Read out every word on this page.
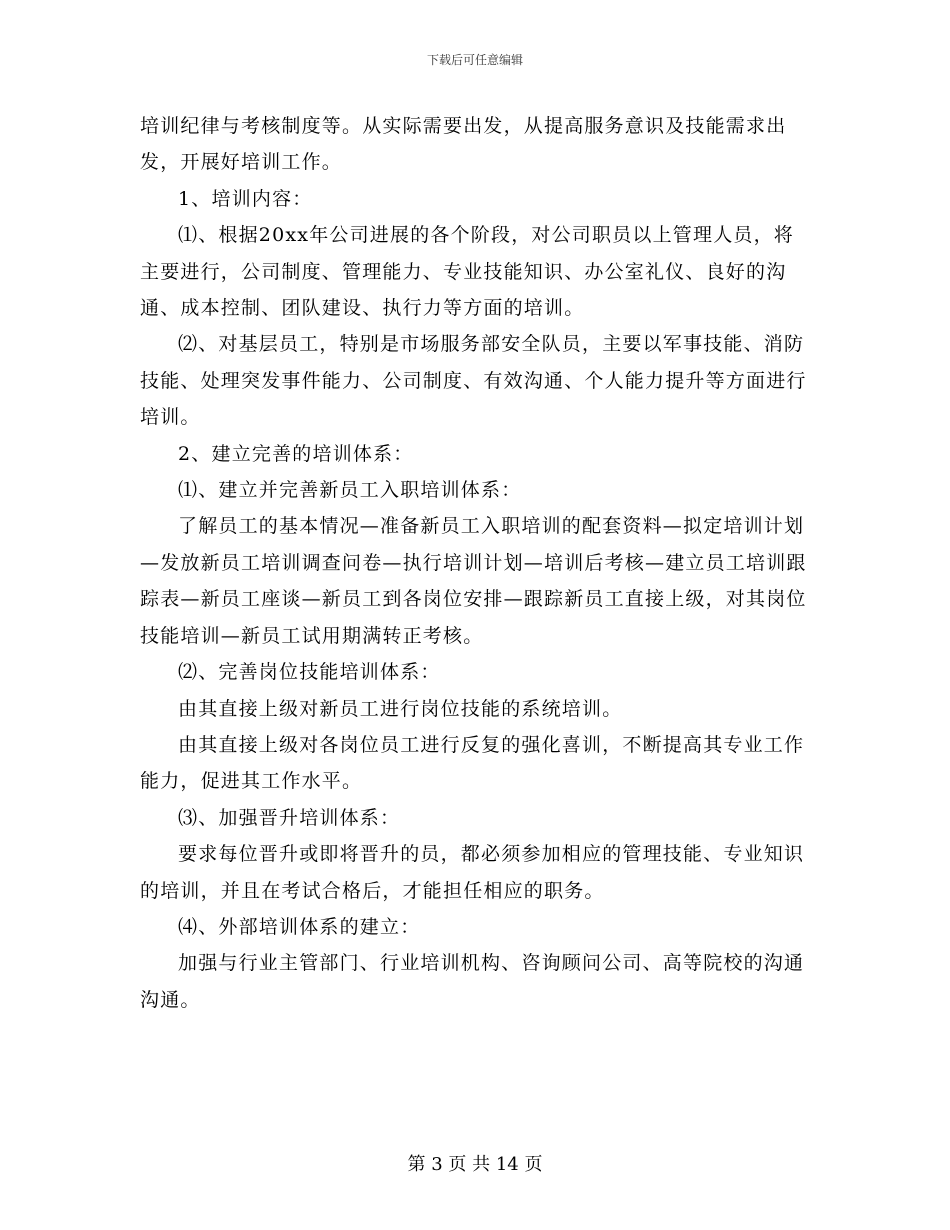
下载后可任意编辑

培训纪律与考核制度等。从实际需要出发，从提高服务意识及技能需求出发，开展好培训工作。

1、培训内容：

⑴、根据20xx年公司进展的各个阶段，对公司职员以上管理人员，将主要进行，公司制度、管理能力、专业技能知识、办公室礼仪、良好的沟通、成本控制、团队建设、执行力等方面的培训。

⑵、对基层员工，特别是市场服务部安全队员，主要以军事技能、消防技能、处理突发事件能力、公司制度、有效沟通、个人能力提升等方面进行培训。

2、建立完善的培训体系：

⑴、建立并完善新员工入职培训体系：

了解员工的基本情况—准备新员工入职培训的配套资料—拟定培训计划—发放新员工培训调查问卷—执行培训计划—培训后考核—建立员工培训跟踪表—新员工座谈—新员工到各岗位安排—跟踪新员工直接上级，对其岗位技能培训—新员工试用期满转正考核。

⑵、完善岗位技能培训体系：

由其直接上级对新员工进行岗位技能的系统培训。

由其直接上级对各岗位员工进行反复的强化喜训，不断提高其专业工作能力，促进其工作水平。

⑶、加强晋升培训体系：

要求每位晋升或即将晋升的员，都必须参加相应的管理技能、专业知识的培训，并且在考试合格后，才能担任相应的职务。

⑷、外部培训体系的建立：

加强与行业主管部门、行业培训机构、咨询顾问公司、高等院校的沟通沟通。

第 3 页 共 14 页
